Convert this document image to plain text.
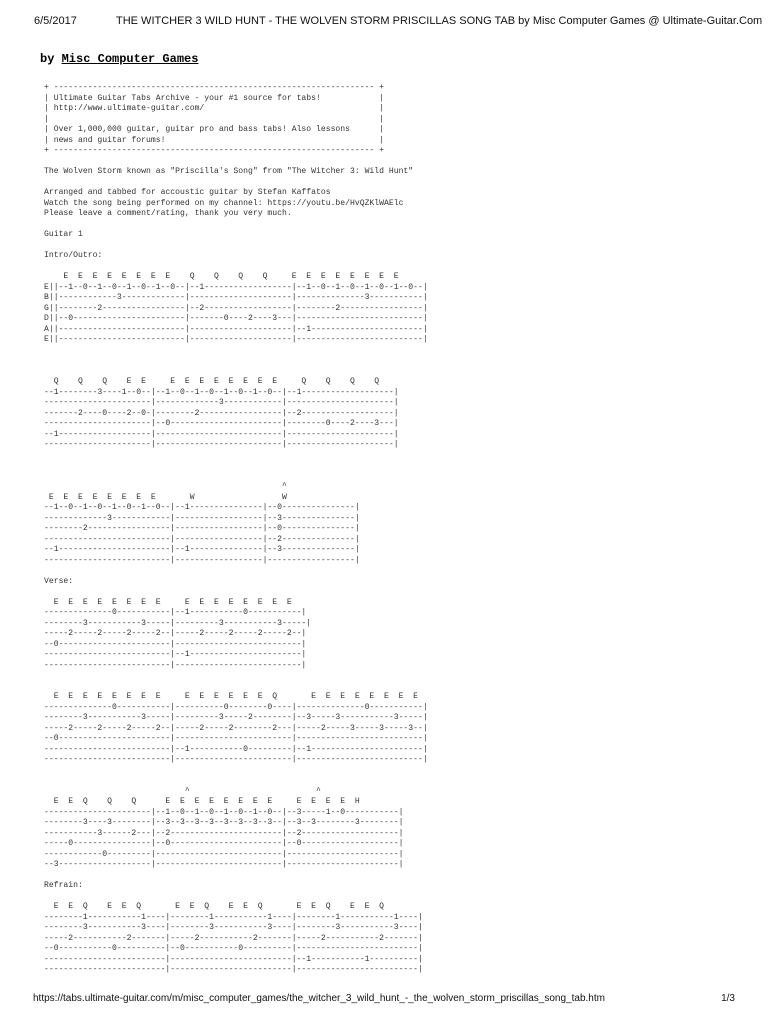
6/5/2017	THE WITCHER 3 WILD HUNT - THE WOLVEN STORM PRISCILLAS SONG TAB by Misc Computer Games @ Ultimate-Guitar.Com
by Misc Computer Games
+ ------------------------------------------------------------------ +
| Ultimate Guitar Tabs Archive - your #1 source for tabs!            |
| http://www.ultimate-guitar.com/                                    |
|                                                                    |
| Over 1,000,000 guitar, guitar pro and bass tabs! Also lessons      |
| news and guitar forums!                                            |
+ ------------------------------------------------------------------ +

The Wolven Storm known as "Priscilla's Song" from "The Witcher 3: Wild Hunt"

Arranged and tabbed for accoustic guitar by Stefan Kaffatos
Watch the song being performed on my channel: https://youtu.be/HvQZKlWAElc
Please leave a comment/rating, thank you very much.

Guitar 1

Intro/Outro:

E  E  E  E  E  E  E  E    Q    Q    Q    Q     E  E  E  E  E  E  E  E
E||--1--0--1--0--1--0--1--0--|--1------------------|--1--0--1--0--1--0--1--0--|
B||------------3-------------|---------------------|--------------3-----------|
G||--------2-----------------|--2------------------|--------2-----------------|
D||--0-----------------------|-------0----2----3---|--------------------------|
A||--------------------------|---------------------|--1-----------------------|
E||--------------------------|---------------------|--------------------------|

Q    Q    Q    E  E     E  E  E  E  E  E  E  E     Q    Q    Q    Q
--1--------3----1--0--|--1--0--1--0--1--0--1--0--|--1-------------------|
----------------------|-------------3------------|----------------------|
-------2----0----2--0-|--------2-----------------|--2-------------------|
----------------------|--0-----------------------|--------0----2----3---|
--1-------------------|--------------------------|----------------------|
----------------------|--------------------------|----------------------|

^
E  E  E  E  E  E  E  E       W                  W
--1--0--1--0--1--0--1--0--|--1---------------|--0---------------|
-------------3------------|------------------|--3---------------|
--------2-----------------|------------------|--0---------------|
--------------------------|------------------|--2---------------|
--1-----------------------|--1---------------|--3---------------|
--------------------------|------------------|------------------|

Verse:

E  E  E  E  E  E  E  E     E  E  E  E  E  E  E  E
--------------0-----------|--1-----------0-----------|
--------3-----------3-----|---------3-----------3-----|
-----2-----2-----2-----2--|-----2-----2-----2-----2--|
--0-----------------------|--------------------------|
--------------------------|--1-----------------------|
--------------------------|--------------------------|

E  E  E  E  E  E  E  E     E  E  E  E  E  E  Q       E  E  E  E  E  E  E  E
--------------0-----------|----------0--------0----|--------------0-----------|
--------3-----------3-----|---------3-----2--------|--3-----3-----------3-----|
-----2-----2-----2-----2--|-----2-----2--------2---|-----2-----3-----3-----3--|
--0-----------------------|------------------------|--------------------------|
--------------------------|--1-----------0---------|--1-----------------------|
--------------------------|------------------------|--------------------------|

^                          ^
E  E  Q    Q    Q      E  E  E  E  E  E  E  E     E  E  E  E  H
----------------------|--1--0--1--0--1--0--1--0--|--3-----1--0-----------|
--------3----3--------|--3--3--3--3--3--3--3--3--|--3--3--------3--------|
-----------3------2---|--2-----------------------|--2--------------------|
-----0----------------|--0-----------------------|--0--------------------|
------------0---------|--------------------------|-----------------------|
--3-------------------|--------------------------|-----------------------|

Refrain:

E  E  Q    E  E  Q       E  E  Q    E  E  Q       E  E  Q    E  E  Q
--------1-----------1----|--------1-----------1----|--------1-----------1----|
--------3-----------3----|--------3-----------3----|--------3-----------3----|
-----2-----------2-------|-----2-----------2-------|-----2-----------2-------|
--0-----------0----------|--0-----------0----------|-------------------------|
-------------------------|-------------------------|--1-----------1----------|
-------------------------|-------------------------|-------------------------|

https://tabs.ultimate-guitar.com/m/misc_computer_games/the_witcher_3_wild_hunt_-_the_wolven_storm_priscillas_song_tab.htm	1/3
